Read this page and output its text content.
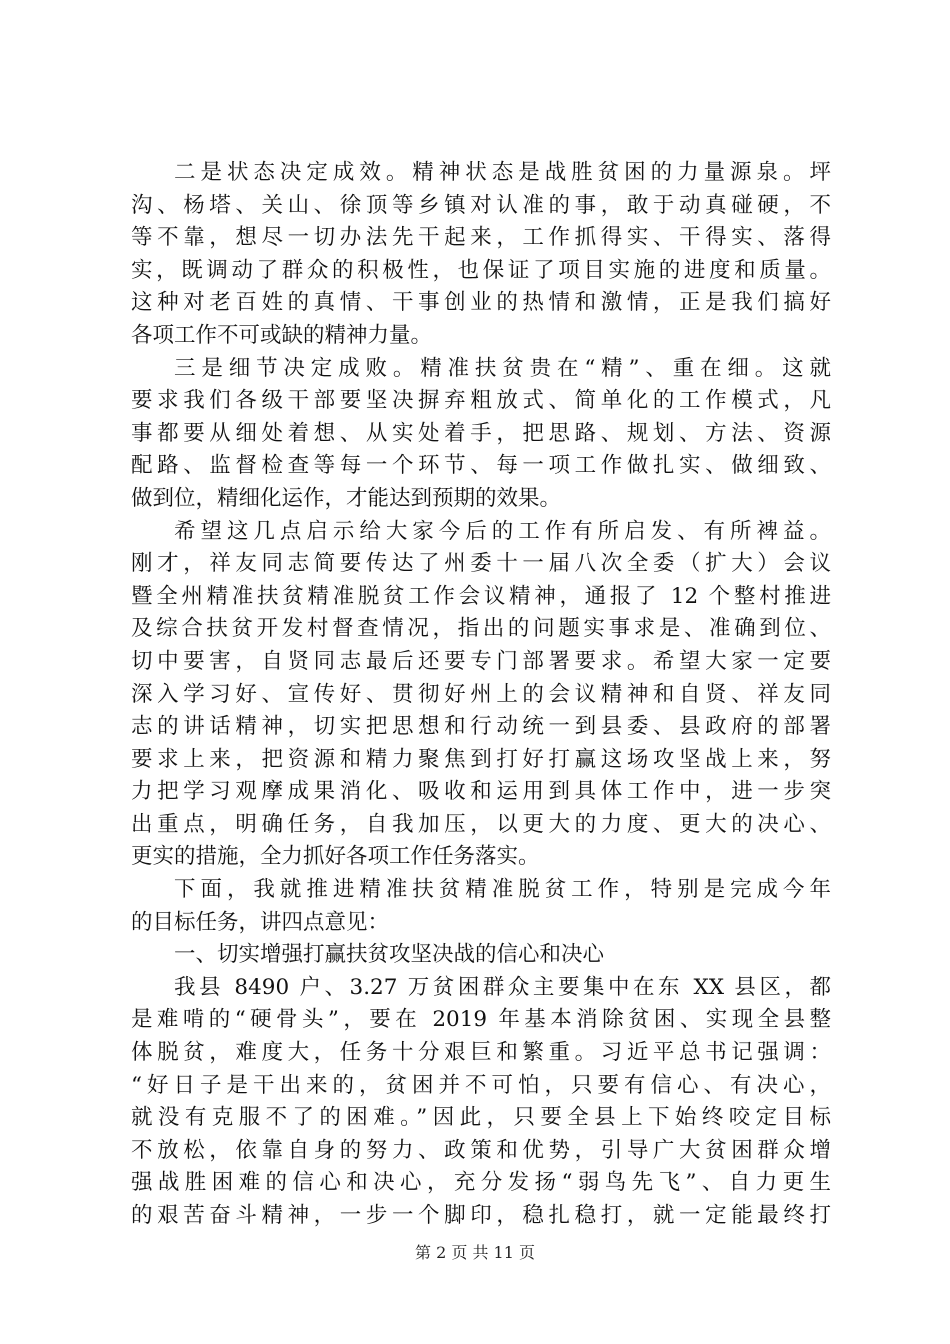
二是状态决定成效。精神状态是战胜贫困的力量源泉。坪
沟、杨塔、关山、徐顶等乡镇对认准的事，敢于动真碰硬，不
等不靠，想尽一切办法先干起来，工作抓得实、干得实、落得
实，既调动了群众的积极性，也保证了项目实施的进度和质量。
这种对老百姓的真情、干事创业的热情和激情，正是我们搞好
各项工作不可或缺的精神力量。
三是细节决定成败。精准扶贫贵在“精”、重在细。这就
要求我们各级干部要坚决摒弃粗放式、简单化的工作模式，凡
事都要从细处着想、从实处着手，把思路、规划、方法、资源
配路、监督检查等每一个环节、每一项工作做扎实、做细致、
做到位，精细化运作，才能达到预期的效果。
希望这几点启示给大家今后的工作有所启发、有所裨益。
刚才，祥友同志简要传达了州委十一届八次全委（扩大）会议
暨全州精准扶贫精准脱贫工作会议精神，通报了 12 个整村推进
及综合扶贫开发村督查情况，指出的问题实事求是、准确到位、
切中要害，自贤同志最后还要专门部署要求。希望大家一定要
深入学习好、宣传好、贯彻好州上的会议精神和自贤、祥友同
志的讲话精神，切实把思想和行动统一到县委、县政府的部署
要求上来，把资源和精力聚焦到打好打赢这场攻坚战上来，努
力把学习观摩成果消化、吸收和运用到具体工作中，进一步突
出重点，明确任务，自我加压，以更大的力度、更大的决心、
更实的措施，全力抓好各项工作任务落实。
下面，我就推进精准扶贫精准脱贫工作，特别是完成今年
的目标任务，讲四点意见：
一、切实增强打赢扶贫攻坚决战的信心和决心
我县 8490 户、3.27 万贫困群众主要集中在东 XX 县区，都
是难啃的“硬骨头”，要在 2019 年基本消除贫困、实现全县整
体脱贫，难度大，任务十分艰巨和繁重。习近平总书记强调：
“好日子是干出来的，贫困并不可怕，只要有信心、有决心，
就没有克服不了的困难。”因此，只要全县上下始终咬定目标
不放松，依靠自身的努力、政策和优势，引导广大贫困群众增
强战胜困难的信心和决心，充分发扬“弱鸟先飞”、自力更生
的艰苦奋斗精神，一步一个脚印，稳扎稳打，就一定能最终打
第 2 页 共 11 页
